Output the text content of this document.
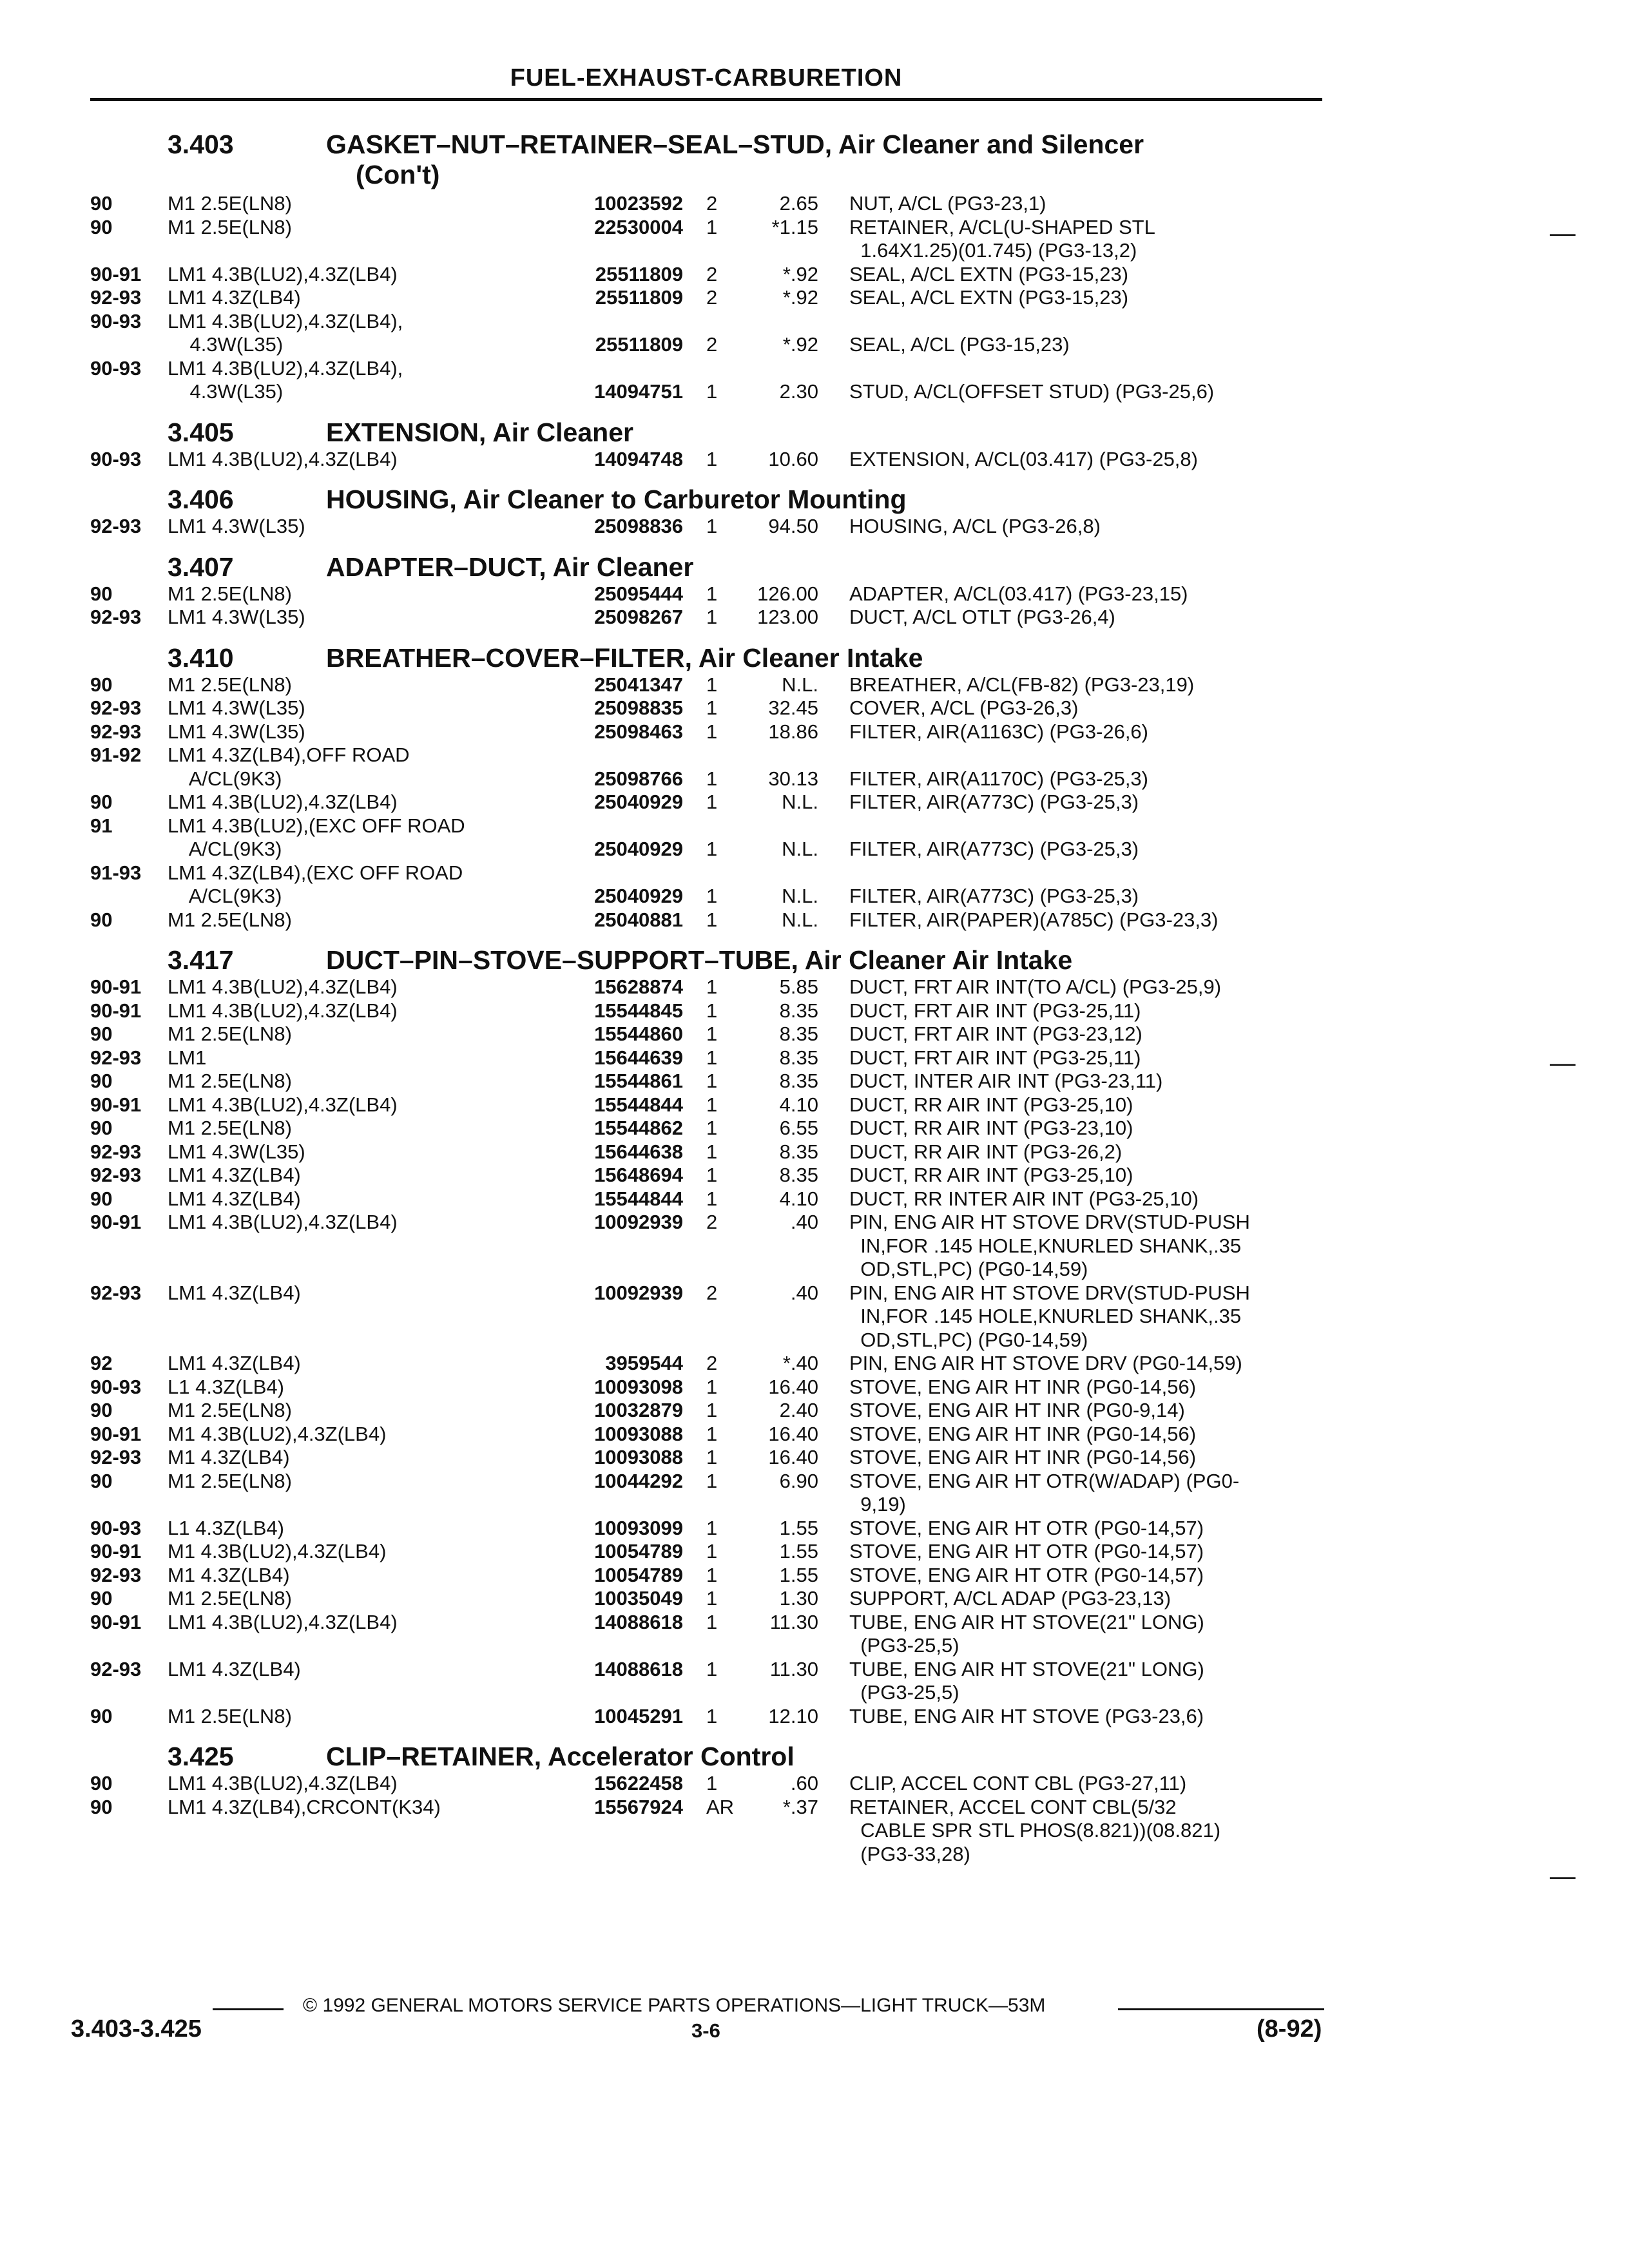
FUEL-EXHAUST-CARBURETION
3.403	GASKET–NUT–RETAINER–SEAL–STUD, Air Cleaner and Silencer
(Con't)
90	M1 2.5E(LN8)	10023592	2	2.65	NUT, A/CL (PG3-23,1)
90	M1 2.5E(LN8)	22530004	1	*1.15	RETAINER, A/CL(U-SHAPED STL
1.64X1.25)(01.745) (PG3-13,2)
90-91	LM1 4.3B(LU2),4.3Z(LB4)	25511809	2	*.92	SEAL, A/CL EXTN (PG3-15,23)
92-93	LM1 4.3Z(LB4)	25511809	2	*.92	SEAL, A/CL EXTN (PG3-15,23)
90-93	LM1 4.3B(LU2),4.3Z(LB4),
4.3W(L35)	25511809	2	*.92	SEAL, A/CL (PG3-15,23)
90-93	LM1 4.3B(LU2),4.3Z(LB4),
4.3W(L35)	14094751	1	2.30	STUD, A/CL(OFFSET STUD) (PG3-25,6)
3.405	EXTENSION, Air Cleaner
90-93	LM1 4.3B(LU2),4.3Z(LB4)	14094748	1	10.60	EXTENSION, A/CL(03.417) (PG3-25,8)
3.406	HOUSING, Air Cleaner to Carburetor Mounting
92-93	LM1 4.3W(L35)	25098836	1	94.50	HOUSING, A/CL (PG3-26,8)
3.407	ADAPTER–DUCT, Air Cleaner
90	M1 2.5E(LN8)	25095444	1	126.00	ADAPTER, A/CL(03.417) (PG3-23,15)
92-93	LM1 4.3W(L35)	25098267	1	123.00	DUCT, A/CL OTLT (PG3-26,4)
3.410	BREATHER–COVER–FILTER, Air Cleaner Intake
90	M1 2.5E(LN8)	25041347	1	N.L.	BREATHER, A/CL(FB-82) (PG3-23,19)
92-93	LM1 4.3W(L35)	25098835	1	32.45	COVER, A/CL (PG3-26,3)
92-93	LM1 4.3W(L35)	25098463	1	18.86	FILTER, AIR(A1163C) (PG3-26,6)
91-92	LM1 4.3Z(LB4),OFF ROAD
A/CL(9K3)	25098766	1	30.13	FILTER, AIR(A1170C) (PG3-25,3)
90	LM1 4.3B(LU2),4.3Z(LB4)	25040929	1	N.L.	FILTER, AIR(A773C) (PG3-25,3)
91	LM1 4.3B(LU2),(EXC OFF ROAD
A/CL(9K3)	25040929	1	N.L.	FILTER, AIR(A773C) (PG3-25,3)
91-93	LM1 4.3Z(LB4),(EXC OFF ROAD
A/CL(9K3)	25040929	1	N.L.	FILTER, AIR(A773C) (PG3-25,3)
90	M1 2.5E(LN8)	25040881	1	N.L.	FILTER, AIR(PAPER)(A785C) (PG3-23,3)
3.417	DUCT–PIN–STOVE–SUPPORT–TUBE, Air Cleaner Air Intake
90-91	LM1 4.3B(LU2),4.3Z(LB4)	15628874	1	5.85	DUCT, FRT AIR INT(TO A/CL) (PG3-25,9)
90-91	LM1 4.3B(LU2),4.3Z(LB4)	15544845	1	8.35	DUCT, FRT AIR INT (PG3-25,11)
90	M1 2.5E(LN8)	15544860	1	8.35	DUCT, FRT AIR INT (PG3-23,12)
92-93	LM1	15644639	1	8.35	DUCT, FRT AIR INT (PG3-25,11)
90	M1 2.5E(LN8)	15544861	1	8.35	DUCT, INTER AIR INT (PG3-23,11)
90-91	LM1 4.3B(LU2),4.3Z(LB4)	15544844	1	4.10	DUCT, RR AIR INT (PG3-25,10)
90	M1 2.5E(LN8)	15544862	1	6.55	DUCT, RR AIR INT (PG3-23,10)
92-93	LM1 4.3W(L35)	15644638	1	8.35	DUCT, RR AIR INT (PG3-26,2)
92-93	LM1 4.3Z(LB4)	15648694	1	8.35	DUCT, RR AIR INT (PG3-25,10)
90	LM1 4.3Z(LB4)	15544844	1	4.10	DUCT, RR INTER AIR INT (PG3-25,10)
90-91	LM1 4.3B(LU2),4.3Z(LB4)	10092939	2	.40	PIN, ENG AIR HT STOVE DRV(STUD-PUSH
IN,FOR .145 HOLE,KNURLED SHANK,.35
OD,STL,PC) (PG0-14,59)
92-93	LM1 4.3Z(LB4)	10092939	2	.40	PIN, ENG AIR HT STOVE DRV(STUD-PUSH
IN,FOR .145 HOLE,KNURLED SHANK,.35
OD,STL,PC) (PG0-14,59)
92	LM1 4.3Z(LB4)	3959544	2	*.40	PIN, ENG AIR HT STOVE DRV (PG0-14,59)
90-93	L1 4.3Z(LB4)	10093098	1	16.40	STOVE, ENG AIR HT INR (PG0-14,56)
90	M1 2.5E(LN8)	10032879	1	2.40	STOVE, ENG AIR HT INR (PG0-9,14)
90-91	M1 4.3B(LU2),4.3Z(LB4)	10093088	1	16.40	STOVE, ENG AIR HT INR (PG0-14,56)
92-93	M1 4.3Z(LB4)	10093088	1	16.40	STOVE, ENG AIR HT INR (PG0-14,56)
90	M1 2.5E(LN8)	10044292	1	6.90	STOVE, ENG AIR HT OTR(W/ADAP) (PG0-
9,19)
90-93	L1 4.3Z(LB4)	10093099	1	1.55	STOVE, ENG AIR HT OTR (PG0-14,57)
90-91	M1 4.3B(LU2),4.3Z(LB4)	10054789	1	1.55	STOVE, ENG AIR HT OTR (PG0-14,57)
92-93	M1 4.3Z(LB4)	10054789	1	1.55	STOVE, ENG AIR HT OTR (PG0-14,57)
90	M1 2.5E(LN8)	10035049	1	1.30	SUPPORT, A/CL ADAP (PG3-23,13)
90-91	LM1 4.3B(LU2),4.3Z(LB4)	14088618	1	11.30	TUBE, ENG AIR HT STOVE(21" LONG)
(PG3-25,5)
92-93	LM1 4.3Z(LB4)	14088618	1	11.30	TUBE, ENG AIR HT STOVE(21" LONG)
(PG3-25,5)
90	M1 2.5E(LN8)	10045291	1	12.10	TUBE, ENG AIR HT STOVE (PG3-23,6)
3.425	CLIP–RETAINER, Accelerator Control
90	LM1 4.3B(LU2),4.3Z(LB4)	15622458	1	.60	CLIP, ACCEL CONT CBL (PG3-27,11)
90	LM1 4.3Z(LB4),CRCONT(K34)	15567924	AR	*.37	RETAINER, ACCEL CONT CBL(5/32
CABLE SPR STL PHOS(8.821))(08.821)
(PG3-33,28)
© 1992 GENERAL MOTORS SERVICE PARTS OPERATIONS—LIGHT TRUCK—53M
3.403-3.425	3-6	(8-92)
—
—
—
